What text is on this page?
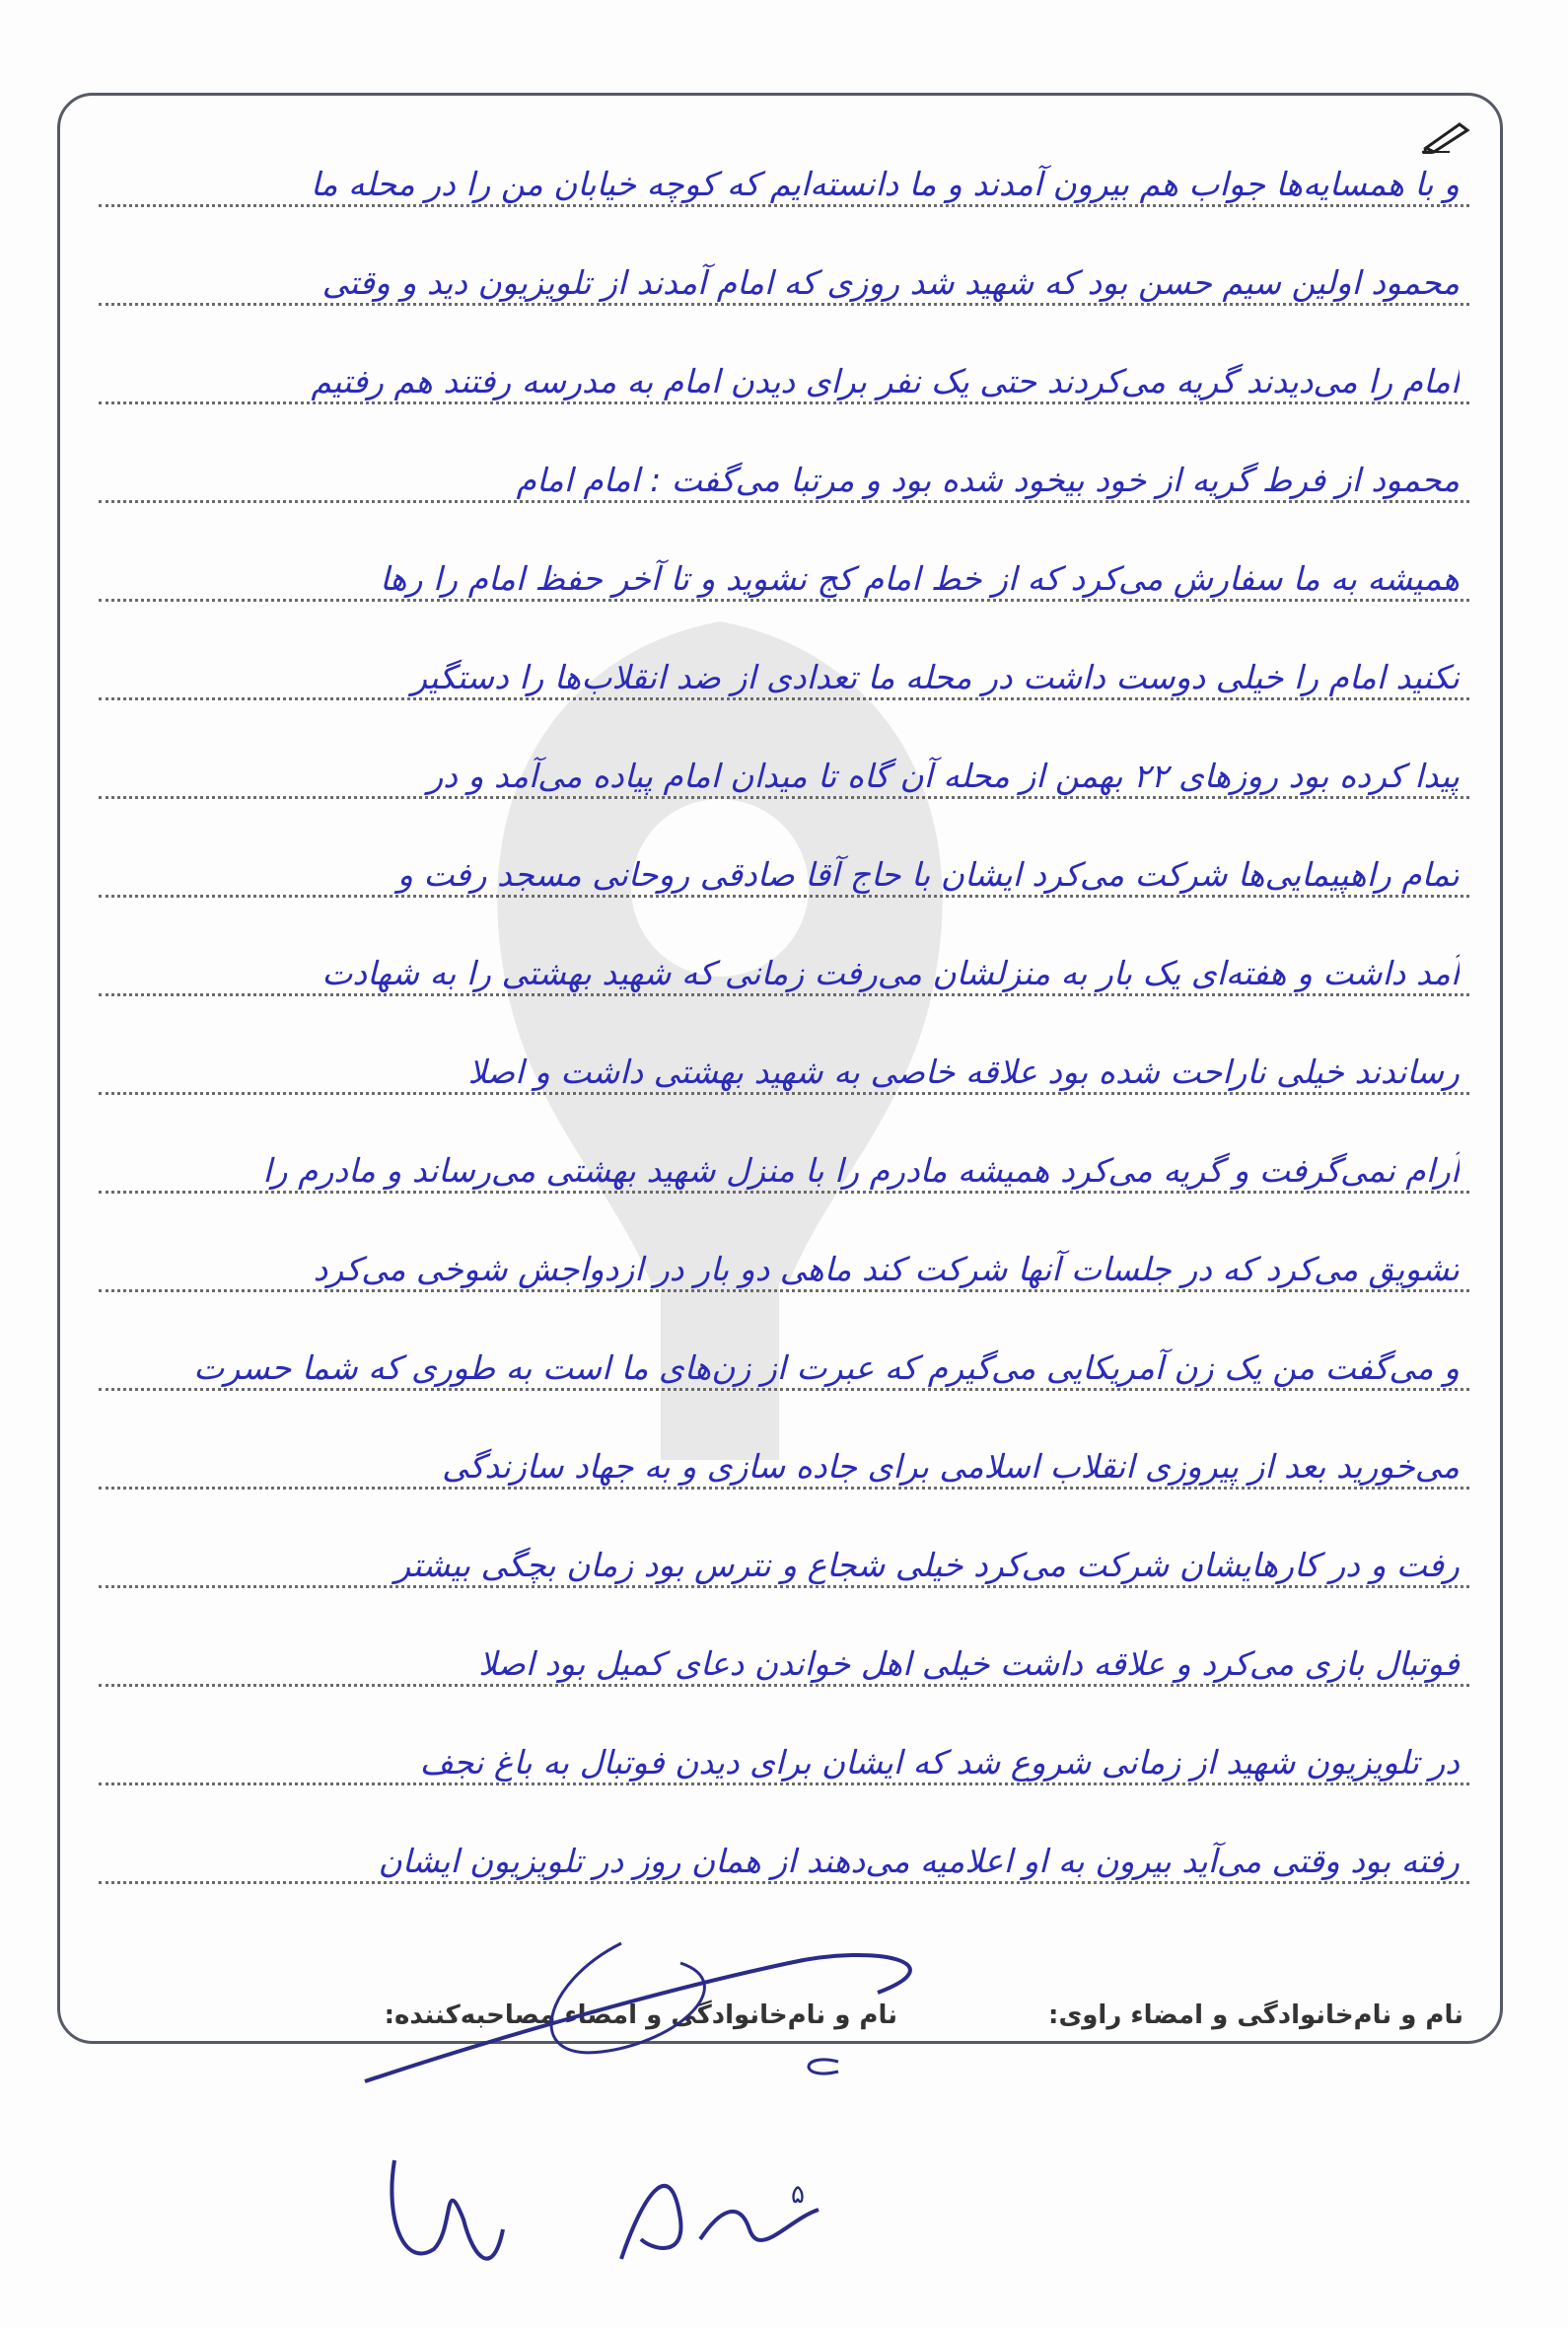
و با همسایه‌ها جواب هم بیرون آمدند و ما دانسته‌ایم که کوچه خیابان من را در محله ما
محمود اولین سیم حسن بود که شهید شد روزی که امام آمدند از تلویزیون دید و وقتی
امام را می‌دیدند گریه می‌کردند حتی یک نفر برای دیدن امام به مدرسه رفتند هم رفتیم
محمود از فرط گریه از خود بیخود شده بود و مرتبا می‌گفت : امام امام
همیشه به ما سفارش می‌کرد که از خط امام کج نشوید و تا آخر حفظ امام را رها
نکنید امام را خیلی دوست داشت در محله ما تعدادی از ضد انقلاب‌ها را دستگیر
پیدا کرده بود روزهای ۲۲ بهمن از محله آن گاه تا میدان امام پیاده می‌آمد و در
تمام راهپیمایی‌ها شرکت می‌کرد ایشان با حاج آقا صادقی روحانی مسجد رفت و
آمد داشت و هفته‌ای یک بار به منزلشان می‌رفت زمانی که شهید بهشتی را به شهادت
رساندند خیلی ناراحت شده بود علاقه خاصی به شهید بهشتی داشت و اصلا
آرام نمی‌گرفت و گریه می‌کرد همیشه مادرم را با منزل شهید بهشتی می‌رساند و مادرم را
تشویق می‌کرد که در جلسات آنها شرکت کند ماهی دو بار در ازدواجش شوخی می‌کرد
و می‌گفت من یک زن آمریکایی می‌گیرم که عبرت از زن‌های ما است به طوری که شما حسرت
می‌خورید بعد از پیروزی انقلاب اسلامی برای جاده سازی و به جهاد سازندگی
رفت و در کارهایشان شرکت می‌کرد خیلی شجاع و نترس بود زمان بچگی بیشتر
فوتبال بازی می‌کرد و علاقه داشت خیلی اهل خواندن دعای کمیل بود اصلا
در تلویزیون شهید از زمانی شروع شد که ایشان برای دیدن فوتبال به باغ نجف
رفته بود وقتی می‌آید بیرون به او اعلامیه می‌دهند از همان روز در تلویزیون ایشان
نام و نام‌خانوادگی و امضاء راوی:
نام و نام‌خانوادگی و امضاء مصاحبه‌کننده:
۵
